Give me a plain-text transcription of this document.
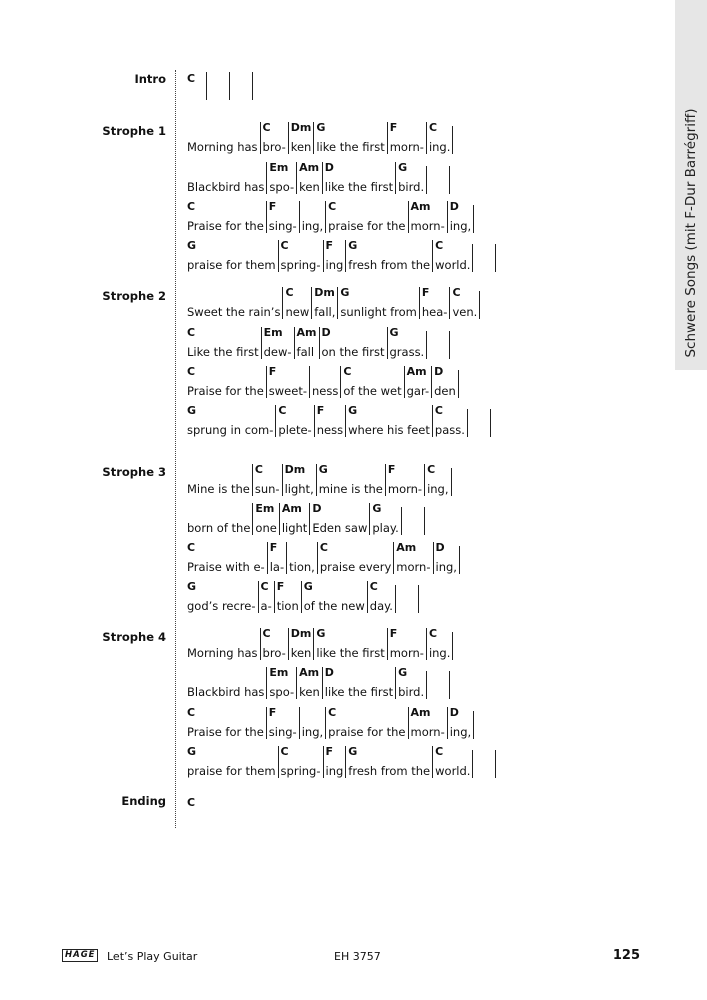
Schwere Songs (mit F-Dur Barrégriff)
Intro
Strophe 1
Strophe 2
Strophe 3
Strophe 4
Ending
C
Morning has
C
bro-
Dm
ken
G
like the first
F
morn-
C
ing.
Blackbird has
Em
spo-
Am
ken
D
like the first
G
bird.
C
Praise for the
F
sing- ing,
C
praise for the
Am
morn-
D
ing,
G
praise for them
C
spring-
F
ing
G
fresh from the
C
world.
Sweet the rain’s
C
new
Dm
fall,
G
sunlight from
F
hea-
C
ven.
C
Like the first
Em
dew-
Am
fall
D
on the first
G
grass.
C
Praise for the
F
sweet- ness
C
of the wet
Am
gar-
D
den
G
sprung in com-
C
plete-
F
ness
G
where his feet
C
pass.
Mine is the
C
sun-
Dm
light,
G
mine is the
F
morn-
C
ing,
born of the
Em
one
Am
light
D
Eden saw
G
play.
C
Praise with e-
F
la- tion,
C
praise every
Am
morn-
D
ing,
G
god’s recre-
C
a-
F
tion
G
of the new
C
day.
Morning has
C
bro-
Dm
ken
G
like the first
F
morn-
C
ing.
Blackbird has
Em
spo-
Am
ken
D
like the first
G
bird.
C
Praise for the
F
sing- ing,
C
praise for the
Am
morn-
D
ing,
G
praise for them
C
spring-
F
ing
G
fresh from the
C
world.
C
HAGE Let’s Play Guitar	EH 3757	125
